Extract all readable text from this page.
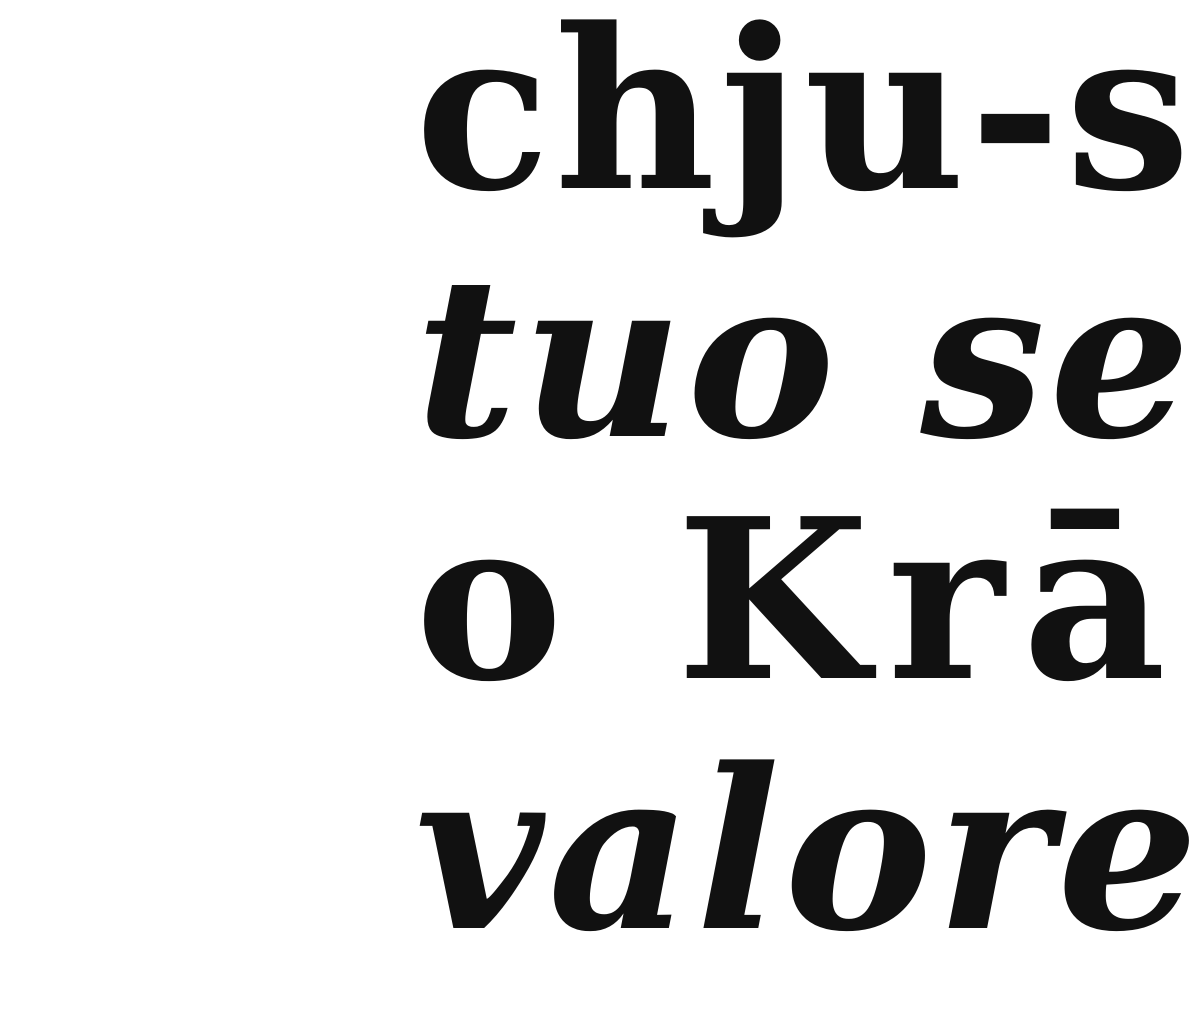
chju-s
tuo se
o Krā
valore
